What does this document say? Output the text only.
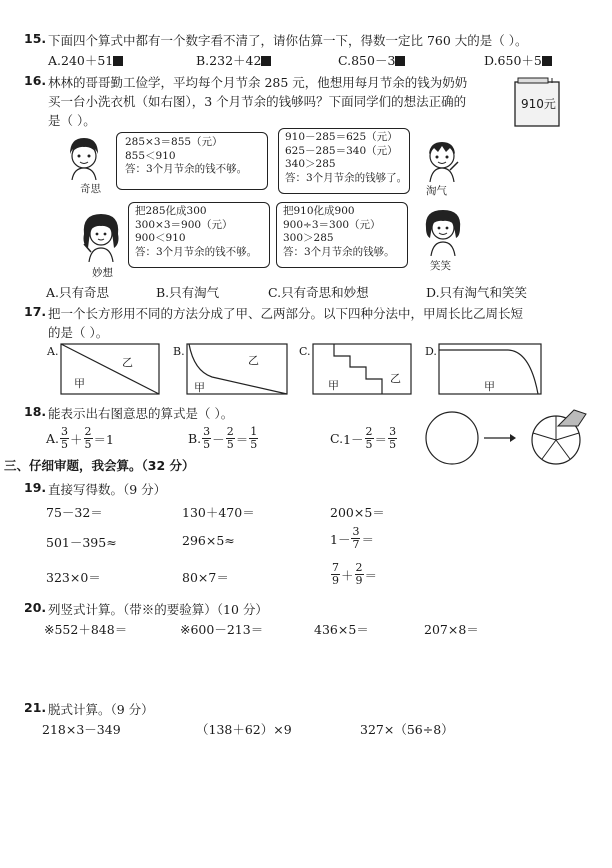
15. 下面四个算式中都有一个数字看不清了，请你估算一下，得数一定比 760 大的是（ ）。
A.240＋51	B.232＋42	C.850－3	D.650＋5
16. 林林的哥哥勤工俭学，平均每个月节余 285 元，他想用每月节余的钱为奶奶
买一台小洗衣机（如右图），3 个月节余的钱够吗？下面同学们的想法正确的
是（ ）。
910元
奇思
285×3＝855（元）
855＜910
答：3个月节余的钱不够。
910－285＝625（元）
625－285＝340（元）
340＞285
答：3个月节余的钱够了。
淘气
妙想
把285化成300
300×3＝900（元）
900＜910
答：3个月节余的钱不够。
把910化成900
900÷3＝300（元）
300＞285
答：3个月节余的钱够。
笑笑
A.只有奇思	B.只有淘气	C.只有奇思和妙想	D.只有淘气和笑笑
17. 把一个长方形用不同的方法分成了甲、乙两部分。以下四种分法中，甲周长比乙周长短
的是（ ）。
A.
甲
乙
B.
甲
乙
C.
甲
乙
D.
甲
18. 能表示出右图意思的算式是（ ）。
A. $\frac{3}{5} + \frac{2}{5} =1$	B. $\frac{3}{5} - \frac{2}{5} = \frac{1}{5}$	C. $1- \frac{2}{5} = \frac{3}{5}$
三、仔细审题，我会算。（32 分）
19. 直接写得数。（9 分）
75－32＝	130＋470＝	200×5＝
501－395≈	296×5≈	$1- \frac{3}{7}$ ＝
323×0＝	80×7＝	$\frac{7}{9} + \frac{2}{9}$ ＝
20. 列竖式计算。（带※的要验算）（10 分）
※552＋848＝	※600－213＝	436×5＝	207×8＝
21. 脱式计算。（9 分）
218×3－349	（138＋62）×9	327×（56÷8）
